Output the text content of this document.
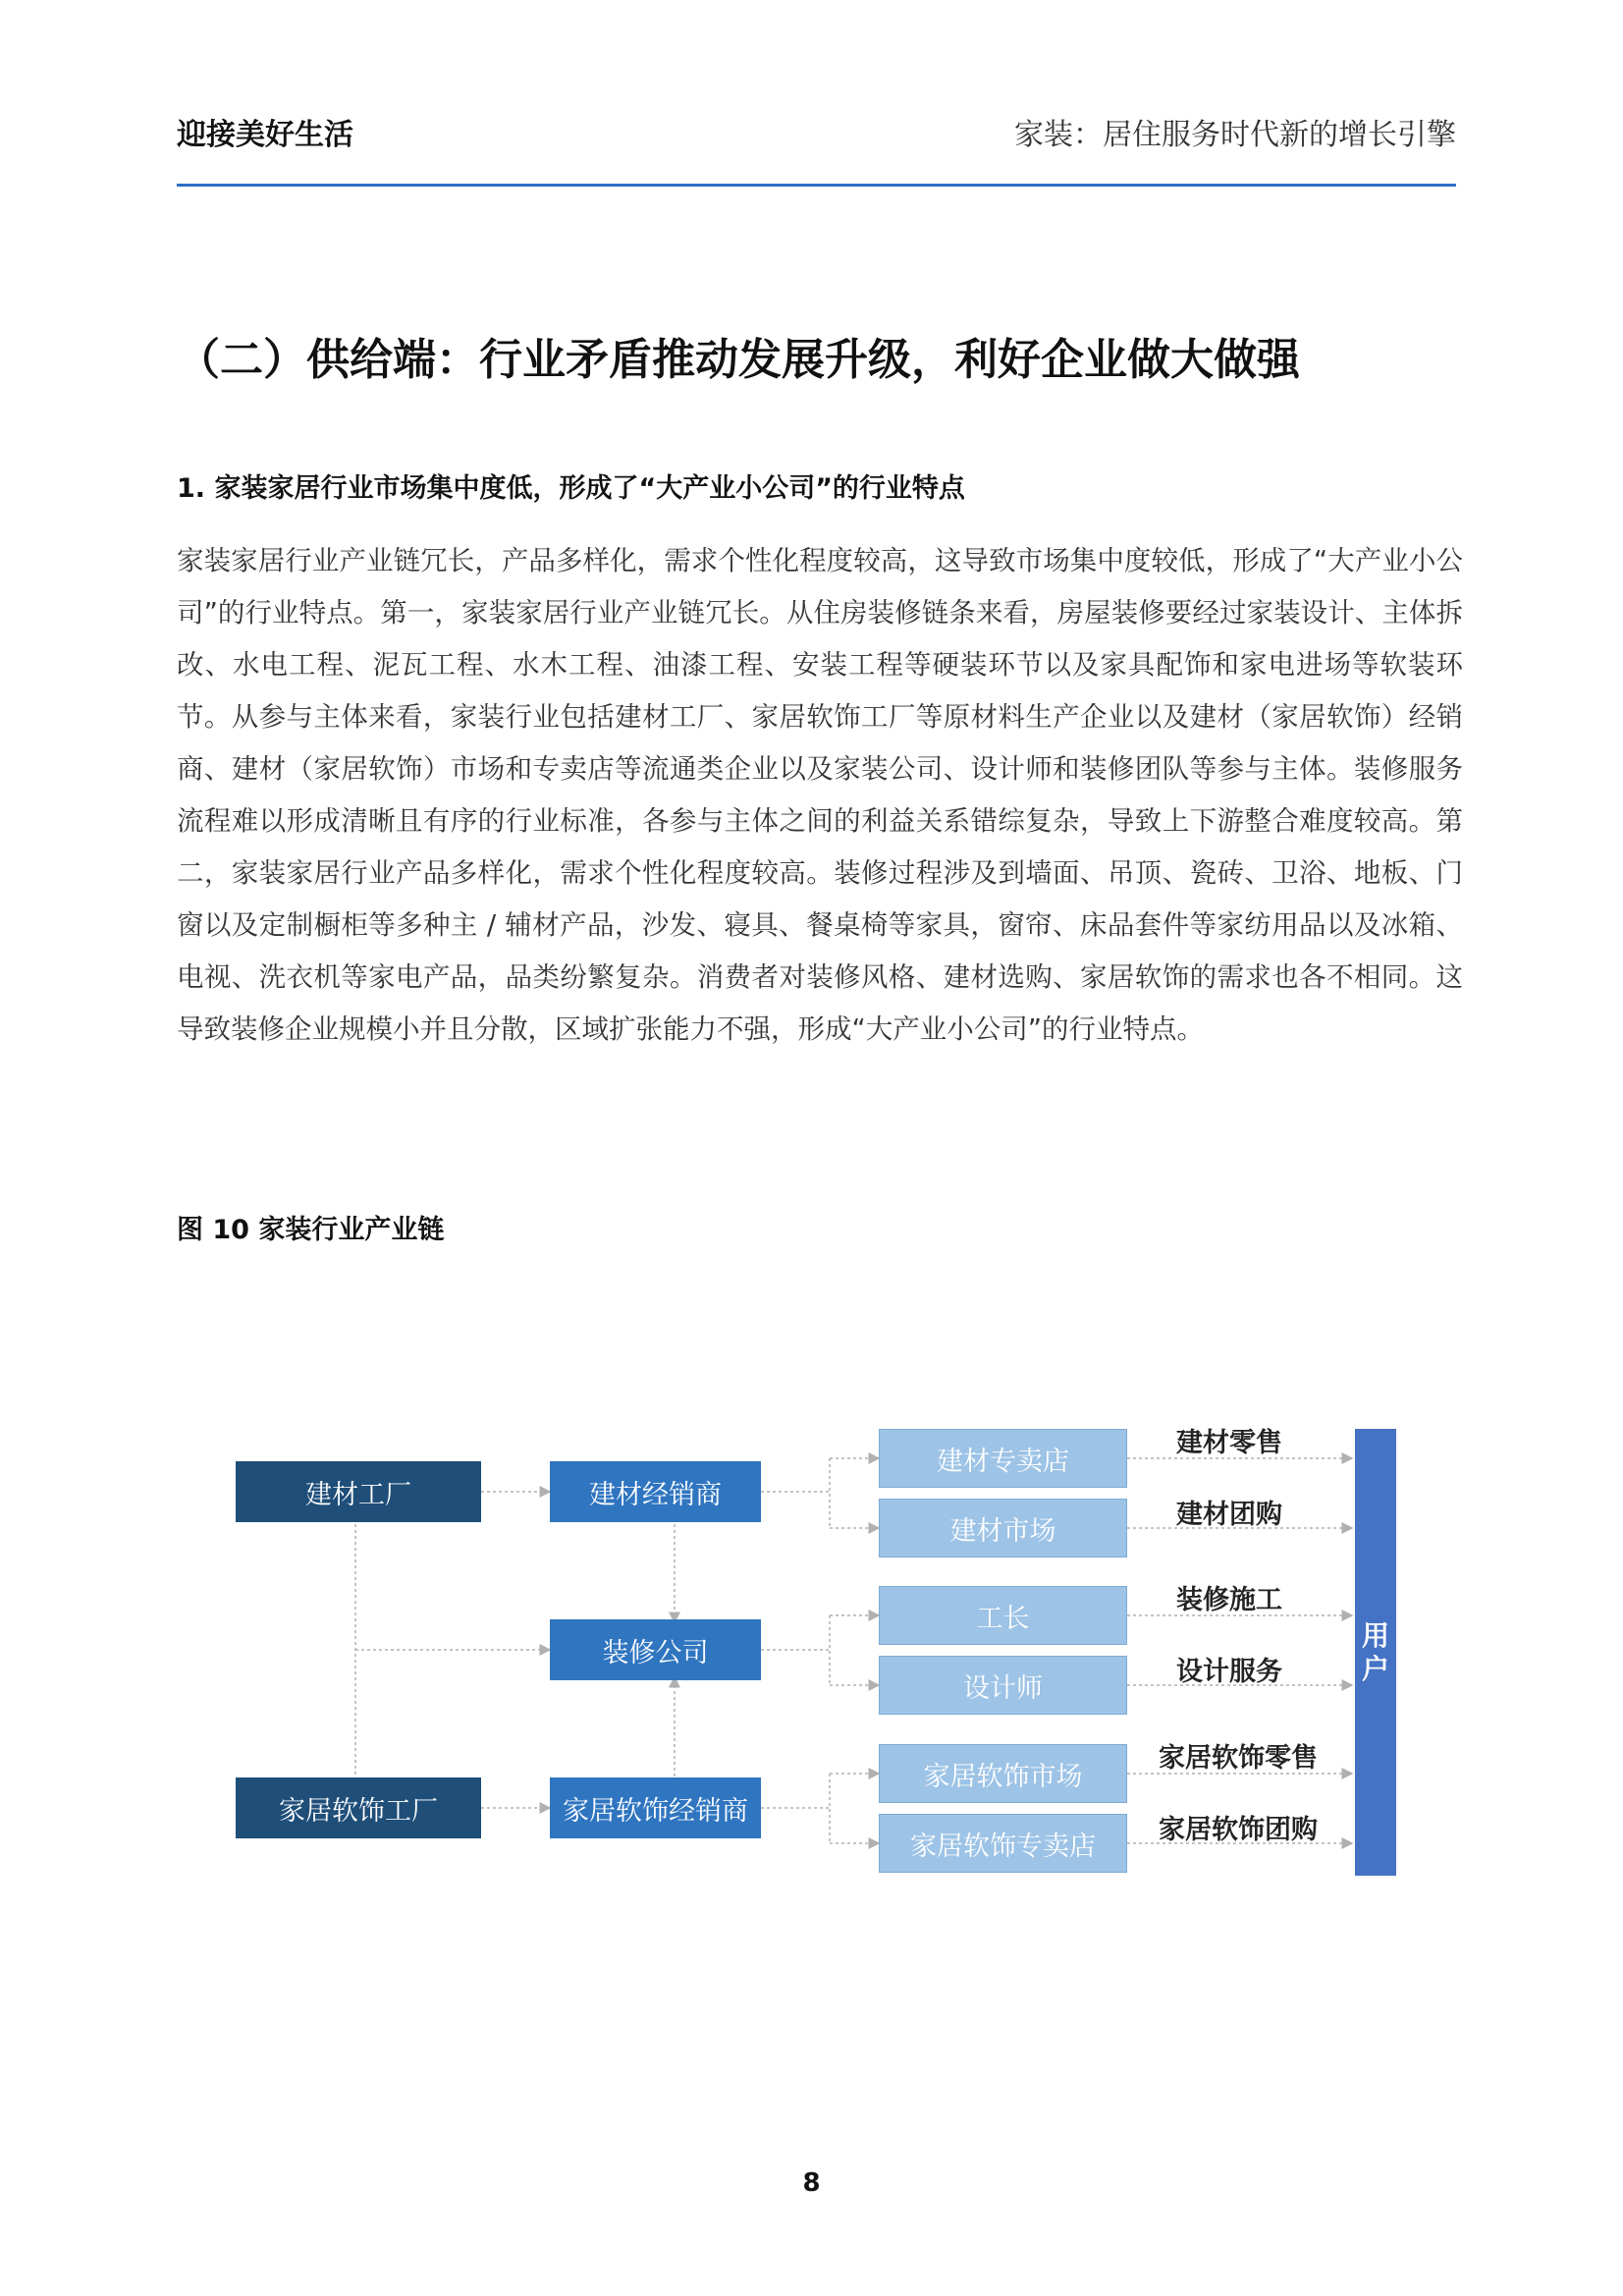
迎接美好生活	家装：居住服务时代新的增长引擎
（二）供给端：行业矛盾推动发展升级，利好企业做大做强
1. 家装家居行业市场集中度低，形成了“大产业小公司”的行业特点
家装家居行业产业链冗长，产品多样化，需求个性化程度较高，这导致市场集中度较低，形成了“大产业小公司”的行业特点。第一，家装家居行业产业链冗长。从住房装修链条来看，房屋装修要经过家装设计、主体拆改、水电工程、泥瓦工程、水木工程、油漆工程、安装工程等硬装环节以及家具配饰和家电进场等软装环节。从参与主体来看，家装行业包括建材工厂、家居软饰工厂等原材料生产企业以及建材（家居软饰）经销商、建材（家居软饰）市场和专卖店等流通类企业以及家装公司、设计师和装修团队等参与主体。装修服务流程难以形成清晰且有序的行业标准，各参与主体之间的利益关系错综复杂，导致上下游整合难度较高。第二，家装家居行业产品多样化，需求个性化程度较高。装修过程涉及到墙面、吊顶、瓷砖、卫浴、地板、门窗以及定制橱柜等多种主 / 辅材产品，沙发、寝具、餐桌椅等家具，窗帘、床品套件等家纺用品以及冰箱、电视、洗衣机等家电产品，品类纷繁复杂。消费者对装修风格、建材选购、家居软饰的需求也各不相同。这导致装修企业规模小并且分散，区域扩张能力不强，形成“大产业小公司”的行业特点。
图 10 家装行业产业链
建材工厂
家居软饰工厂
建材经销商
装修公司
家居软饰经销商
建材专卖店
建材市场
工长
设计师
家居软饰市场
家居软饰专卖店
建材零售
建材团购
装修施工
设计服务
家居软饰零售
家居软饰团购
用
户
8
